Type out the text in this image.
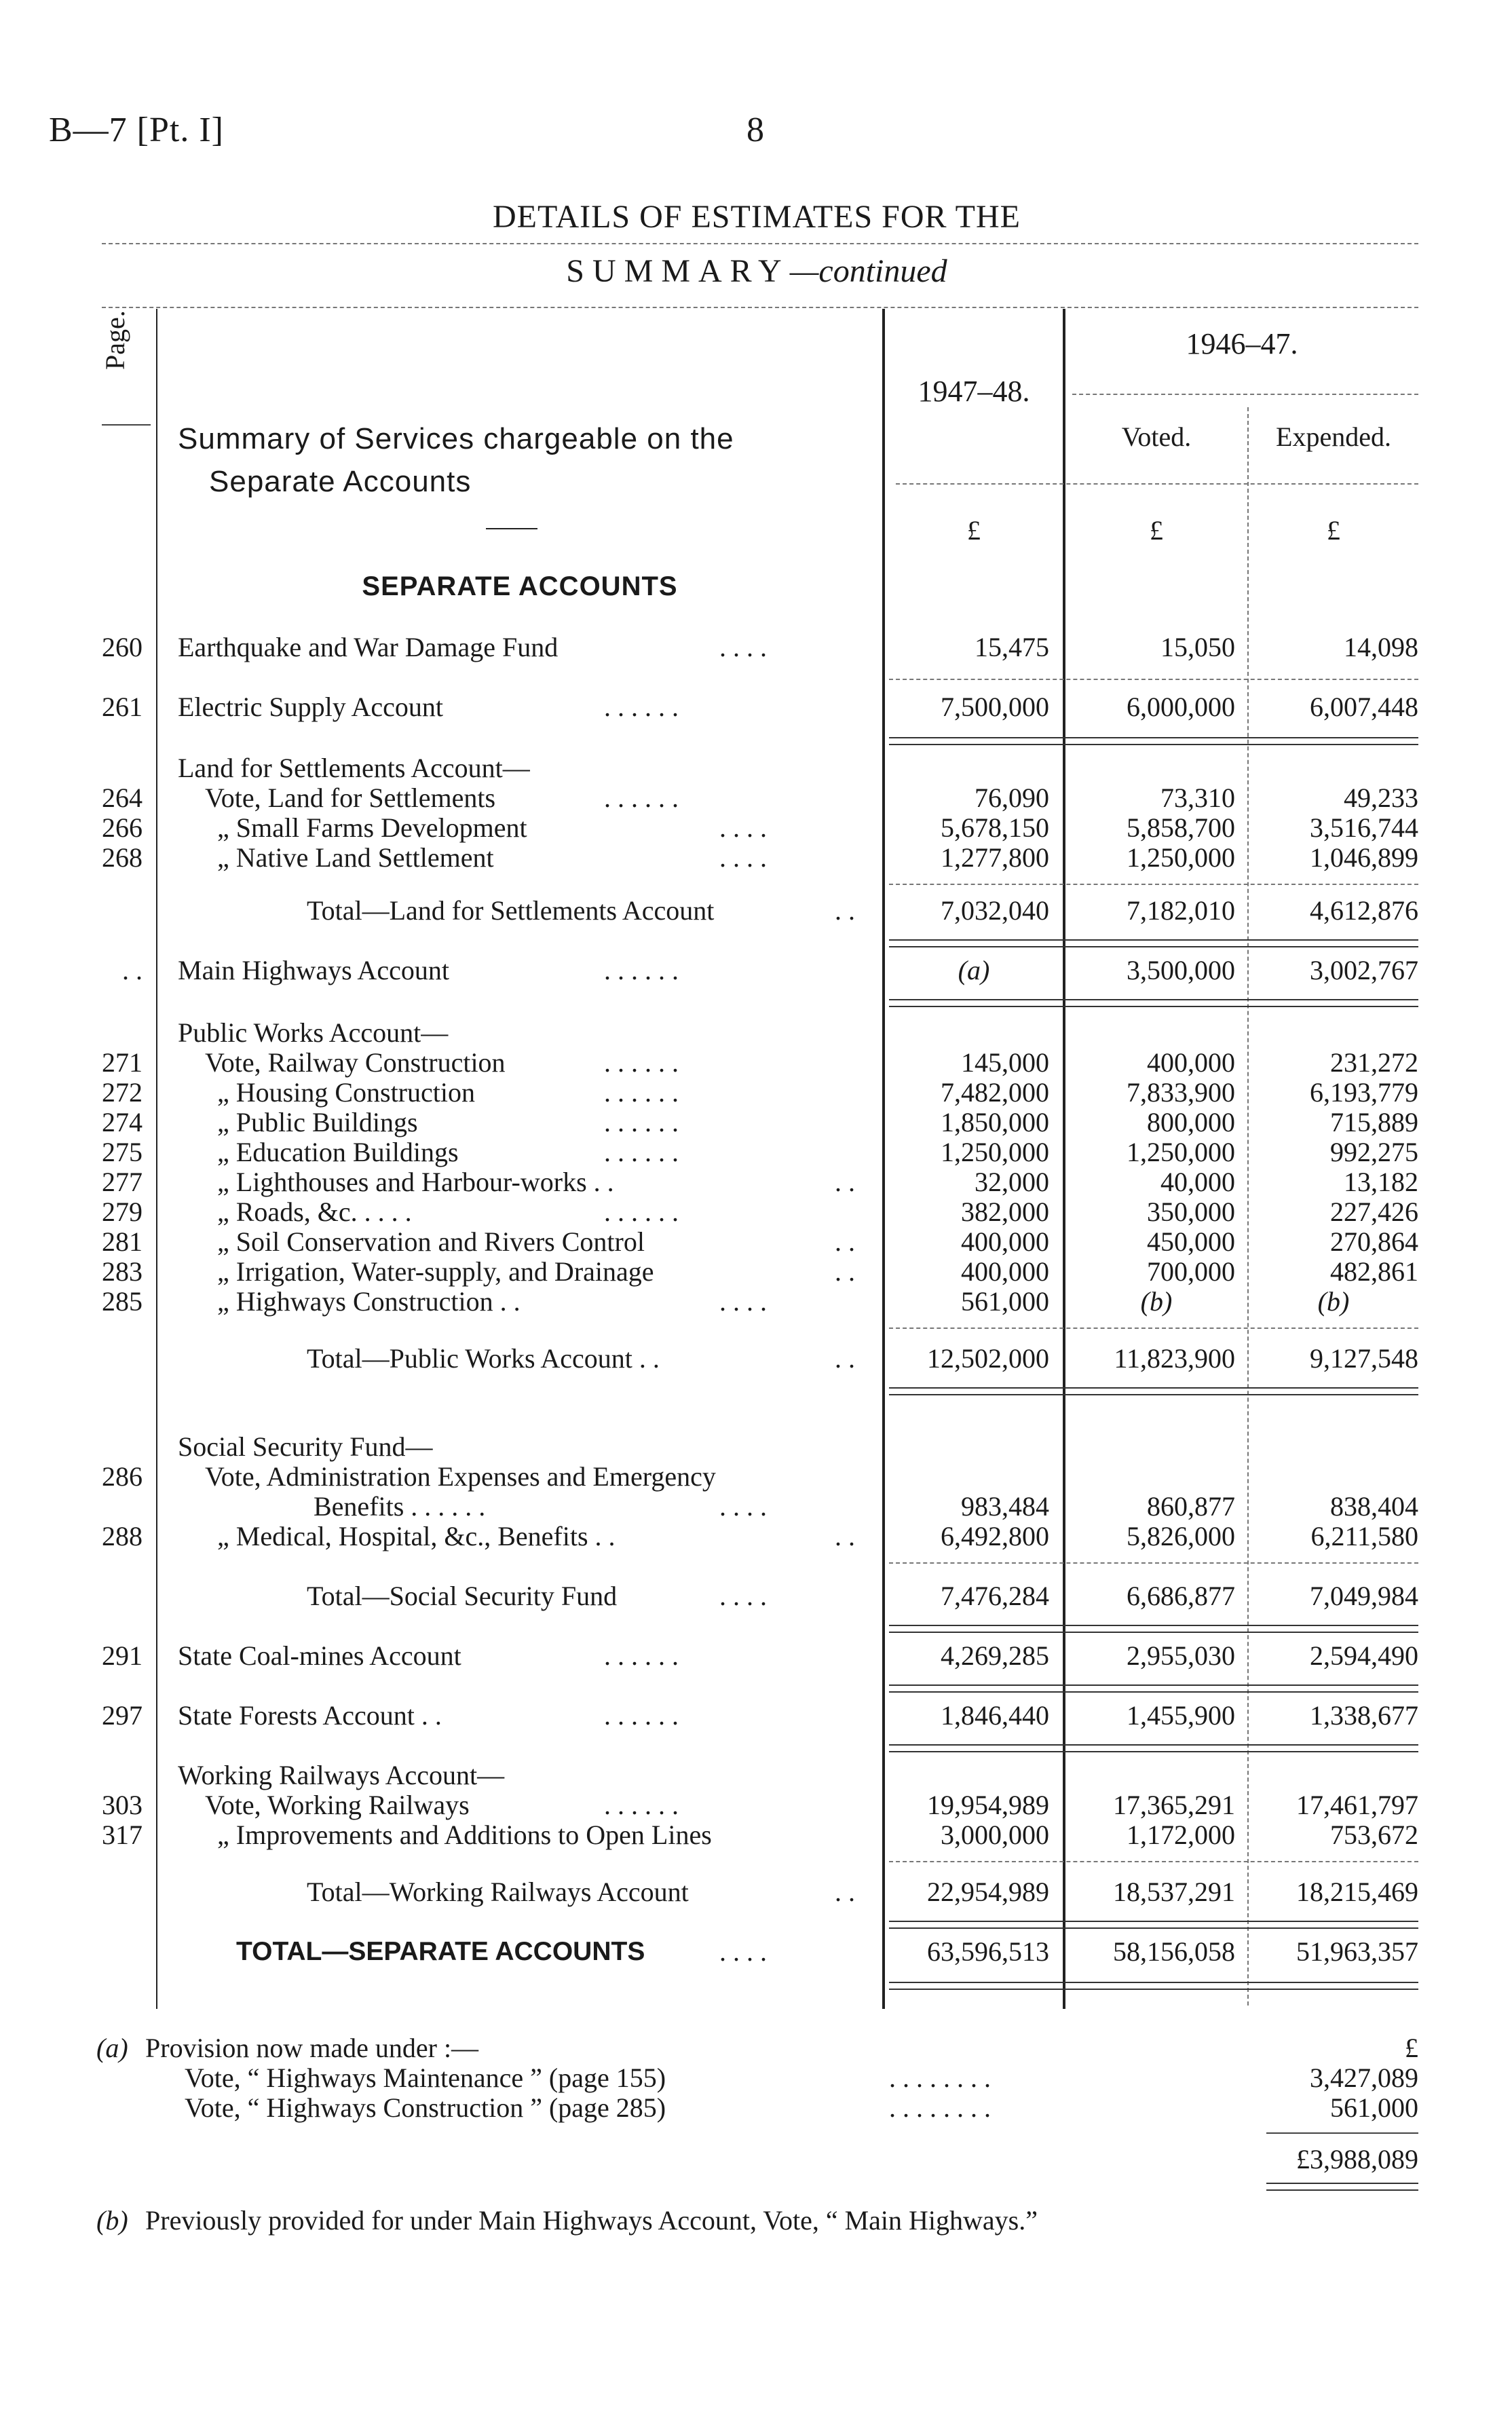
B—7 [Pt. I]	8
DETAILS OF ESTIMATES FOR THE
SUMMARY—continued
Page.
Summary of Services chargeable on the
Separate Accounts
1947–48.
1946–47.
Voted.	Expended.
£	£	£
SEPARATE ACCOUNTS
260 Earthquake and War Damage Fund	. . . .	15,475	15,050	14,098
261 Electric Supply Account	. . . . . .	7,500,000	6,000,000	6,007,448
Land for Settlements Account—
264 Vote, Land for Settlements	. . . . . .	76,090	73,310	49,233
266	„ Small Farms Development	. . . .	5,678,150	5,858,700	3,516,744
268	„ Native Land Settlement	. . . .	1,277,800	1,250,000	1,046,899
Total—Land for Settlements Account	. .	7,032,040	7,182,010	4,612,876
. . Main Highways Account	. . . . . .	(a)	3,500,000	3,002,767
Public Works Account—
271 Vote, Railway Construction	. . . . . .	145,000	400,000	231,272
272	„ Housing Construction	. . . . . .	7,482,000	7,833,900	6,193,779
274	„ Public Buildings	. . . . . .	1,850,000	800,000	715,889
275	„ Education Buildings	. . . . . .	1,250,000	1,250,000	992,275
277	„ Lighthouses and Harbour-works . .	. .	32,000	40,000	13,182
279	„ Roads, &c. . . . .	. . . . . .	382,000	350,000	227,426
281	„ Soil Conservation and Rivers Control	. .	400,000	450,000	270,864
283	„ Irrigation, Water-supply, and Drainage	. .	400,000	700,000	482,861
285	„ Highways Construction . .	. . . .	561,000	(b)	(b)
Total—Public Works Account . .	. .	12,502,000	11,823,900	9,127,548
Social Security Fund—
286 Vote, Administration Expenses and Emergency
Benefits . . . . . .	. . . .	983,484	860,877	838,404
288	„ Medical, Hospital, &c., Benefits . .	. .	6,492,800	5,826,000	6,211,580
Total—Social Security Fund	. . . .	7,476,284	6,686,877	7,049,984
291 State Coal-mines Account	. . . . . .	4,269,285	2,955,030	2,594,490
297 State Forests Account . .	. . . . . .	1,846,440	1,455,900	1,338,677
Working Railways Account—
303 Vote, Working Railways	. . . . . .	19,954,989	17,365,291	17,461,797
317	„ Improvements and Additions to Open Lines	3,000,000	1,172,000	753,672
Total—Working Railways Account	. .	22,954,989	18,537,291	18,215,469
TOTAL—SEPARATE ACCOUNTS	. . . .	63,596,513	58,156,058	51,963,357
(a) Provision now made under :—	£
Vote, “ Highways Maintenance ” (page 155)	. . . . . . . .	3,427,089
Vote, “ Highways Construction ” (page 285)	. . . . . . . .	561,000
£3,988,089
(b) Previously provided for under Main Highways Account, Vote, “ Main Highways.”
